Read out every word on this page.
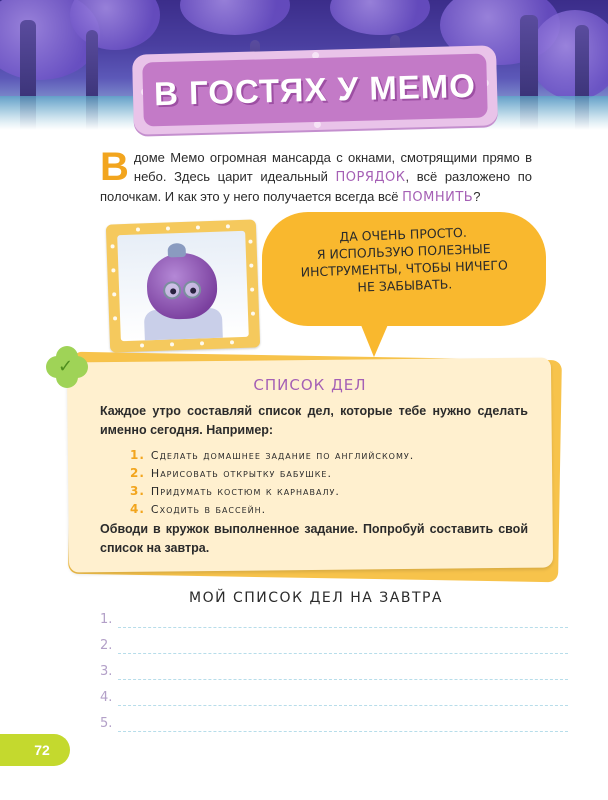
В ГОСТЯХ У МЕМО

В доме Мемо огромная мансарда с окнами, смотрящими прямо в небо. Здесь царит идеальный ПОРЯДОК, всё разложено по полочкам. И как это у него получается всегда всё ПОМНИТЬ?

ДА ОЧЕНЬ ПРОСТО.
Я ИСПОЛЬЗУЮ ПОЛЕЗНЫЕ
ИНСТРУМЕНТЫ, ЧТОБЫ НИЧЕГО
НЕ ЗАБЫВАТЬ.
✓
СПИСОК ДЕЛ

Каждое утро составляй список дел, которые тебе нужно сделать именно сегодня. Например:

1. Сделать домашнее задание по английскому.
2. Нарисовать открытку бабушке.
3. Придумать костюм к карнавалу.
4. Сходить в бассейн.

Обводи в кружок выполненное задание. Попробуй составить свой список на завтра.

МОЙ СПИСОК ДЕЛ НА ЗАВТРА
1.
2.
3.
4.
5.
72
